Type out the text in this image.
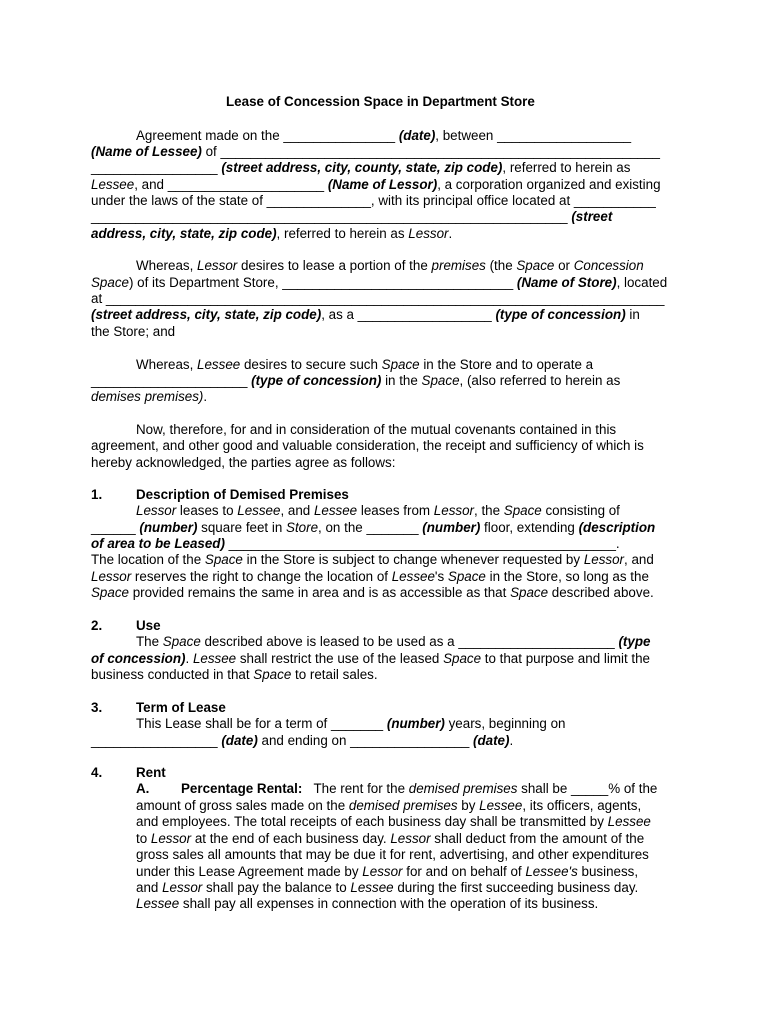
Lease of Concession Space in Department Store
Agreement made on the _______________ (date), between __________________
(Name of Lessee) of ___________________________________________________________
_________________ (street address, city, county, state, zip code), referred to herein as
Lessee, and _____________________ (Name of Lessor), a corporation organized and existing
under the laws of the state of ______________, with its principal office located at ___________
________________________________________________________________ (street
address, city, state, zip code), referred to herein as Lessor.
Whereas, Lessor desires to lease a portion of the premises (the Space or Concession
Space) of its Department Store, _______________________________ (Name of Store), located
at ___________________________________________________________________________
(street address, city, state, zip code), as a __________________ (type of concession) in
the Store; and
Whereas, Lessee desires to secure such Space in the Store and to operate a
_____________________ (type of concession) in the Space, (also referred to herein as
demises premises).
Now, therefore, for and in consideration of the mutual covenants contained in this
agreement, and other good and valuable consideration, the receipt and sufficiency of which is
hereby acknowledged, the parties agree as follows:
1.	Description of Demised Premises
Lessor leases to Lessee, and Lessee leases from Lessor, the Space consisting of
______ (number) square feet in Store, on the _______ (number) floor, extending (description
of area to be Leased) ____________________________________________________.
The location of the Space in the Store is subject to change whenever requested by Lessor, and
Lessor reserves the right to change the location of Lessee's Space in the Store, so long as the
Space provided remains the same in area and is as accessible as that Space described above.
2.	Use
The Space described above is leased to be used as a _____________________ (type
of concession). Lessee shall restrict the use of the leased Space to that purpose and limit the
business conducted in that Space to retail sales.
3.	Term of Lease
This Lease shall be for a term of _______ (number) years, beginning on
_________________ (date) and ending on ________________ (date).
4.	Rent
A. Percentage Rental: The rent for the demised premises shall be _____% of the
amount of gross sales made on the demised premises by Lessee, its officers, agents,
and employees. The total receipts of each business day shall be transmitted by Lessee
to Lessor at the end of each business day. Lessor shall deduct from the amount of the
gross sales all amounts that may be due it for rent, advertising, and other expenditures
under this Lease Agreement made by Lessor for and on behalf of Lessee's business,
and Lessor shall pay the balance to Lessee during the first succeeding business day.
Lessee shall pay all expenses in connection with the operation of its business.
